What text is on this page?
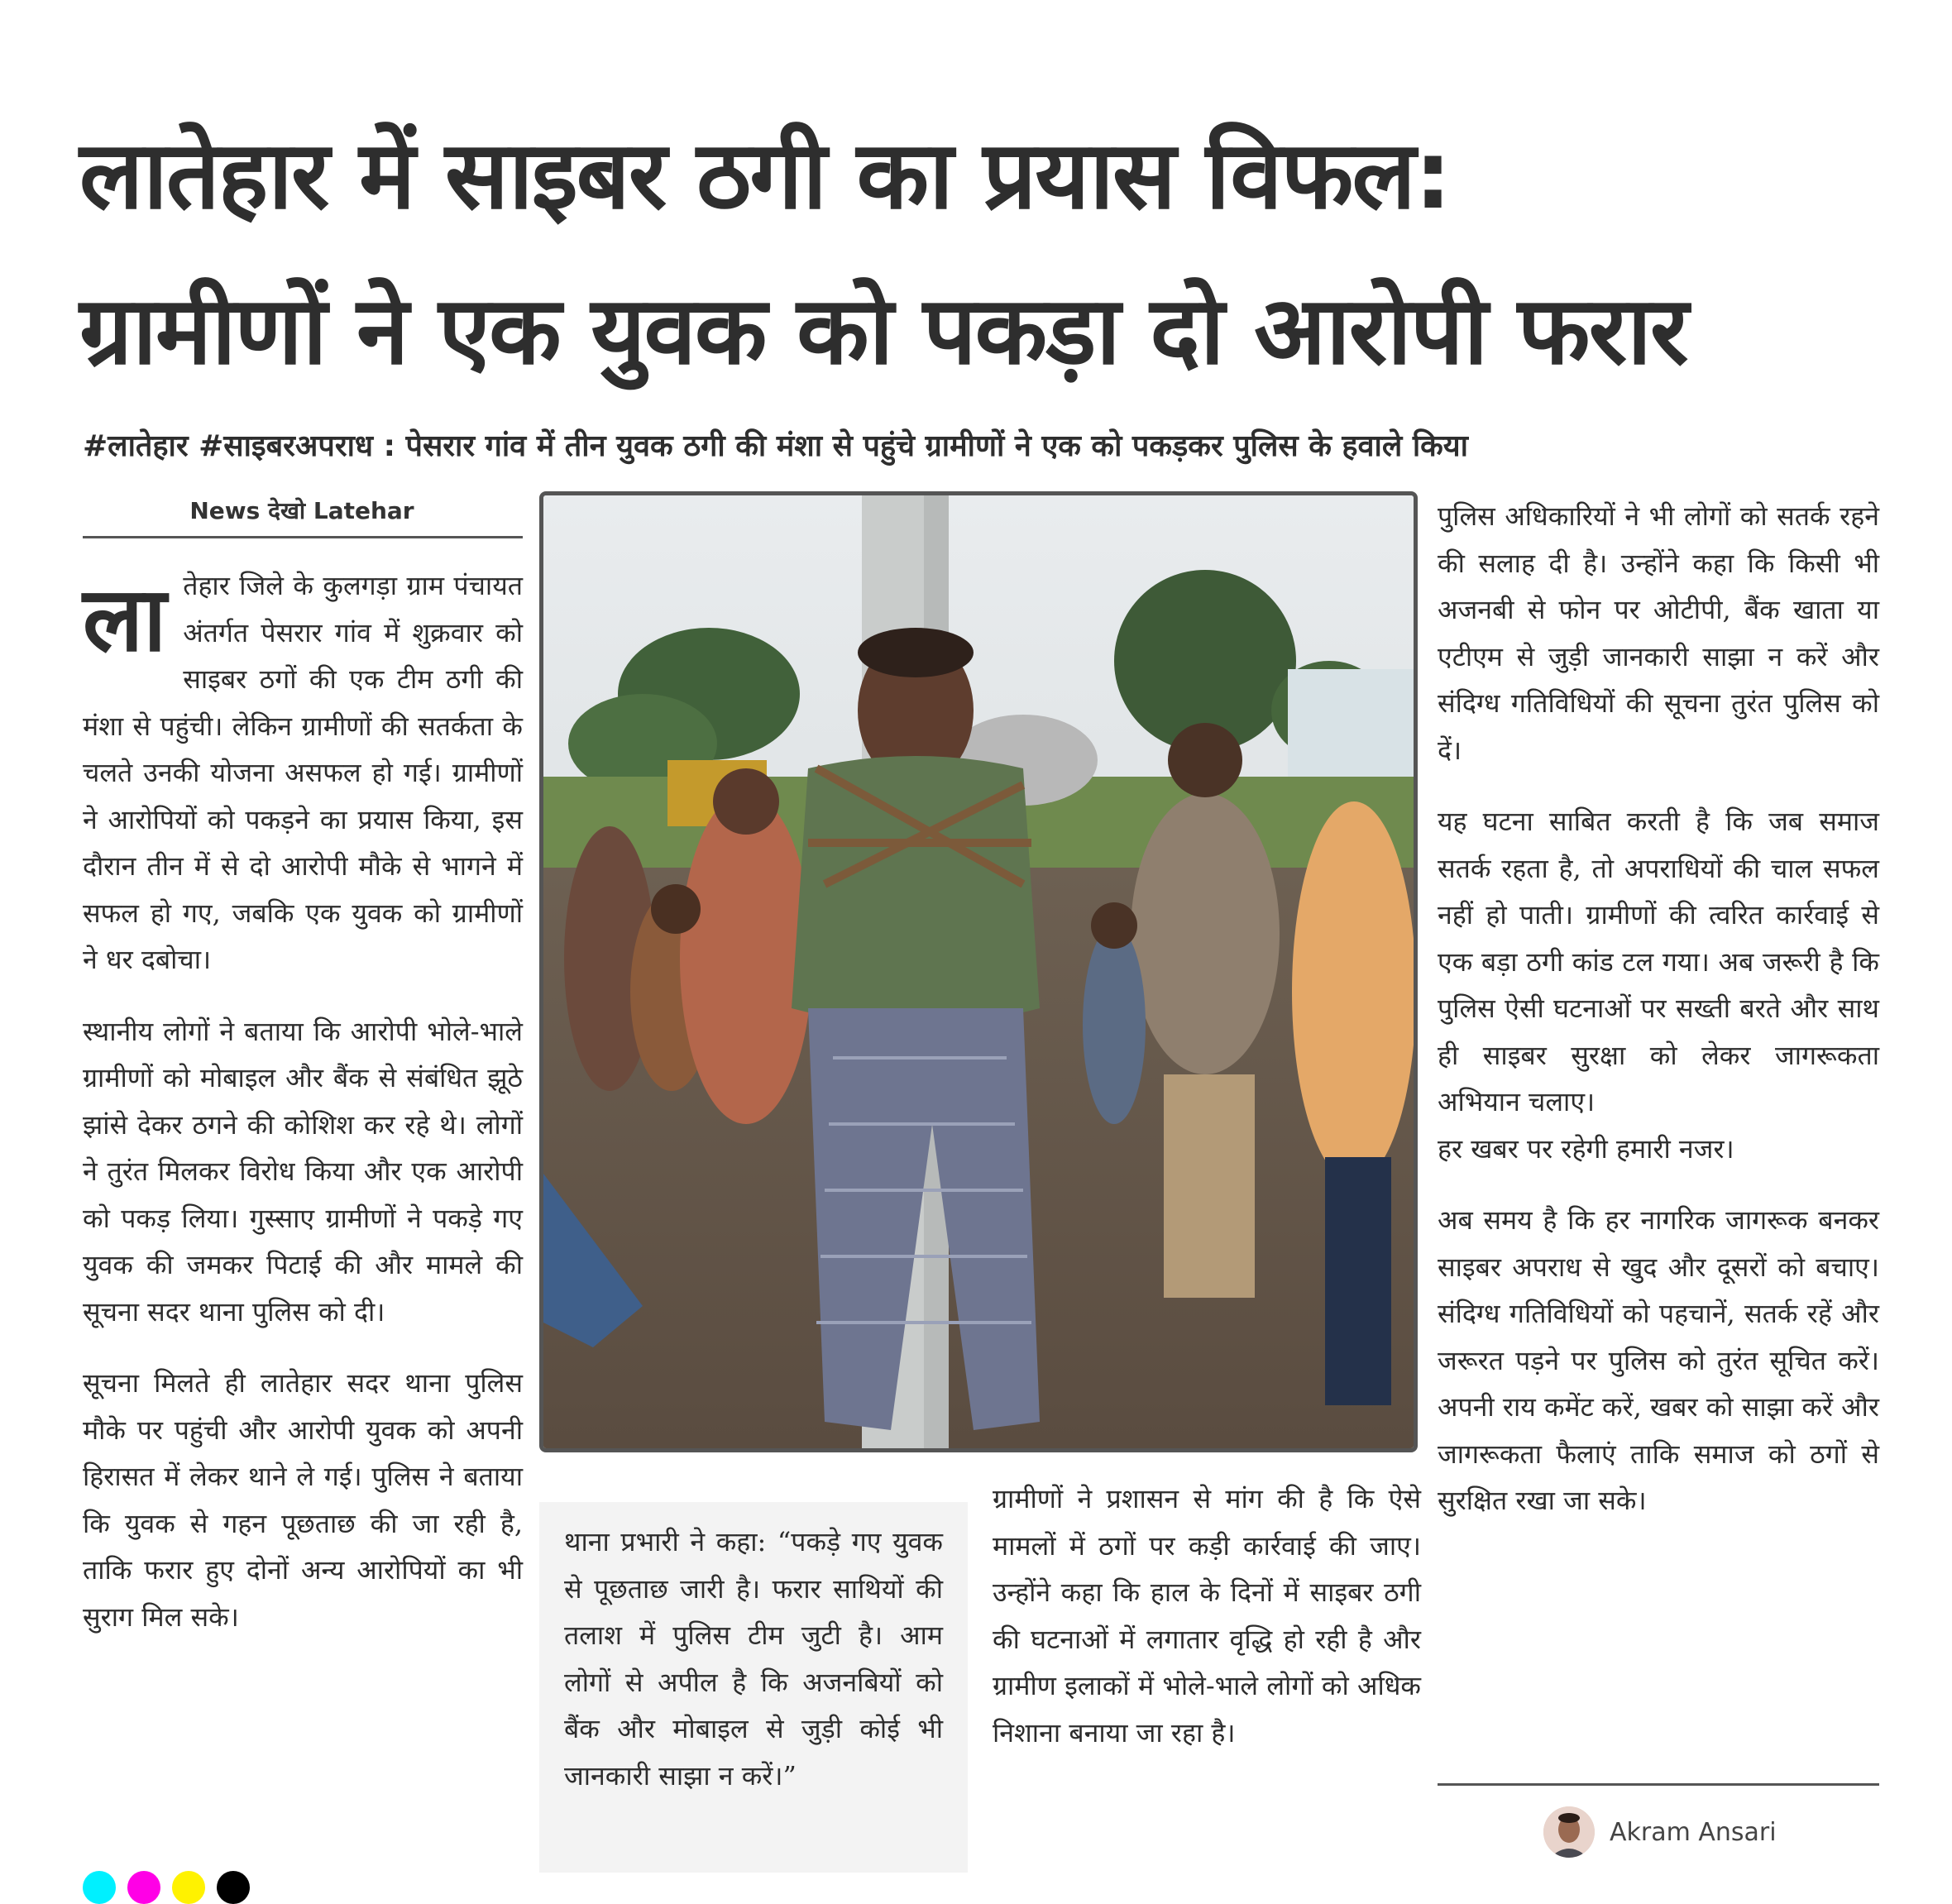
लातेहार में साइबर ठगी का प्रयास विफल:
ग्रामीणों ने एक युवक को पकड़ा दो आरोपी फरार
#लातेहार #साइबरअपराध : पेसरार गांव में तीन युवक ठगी की मंशा से पहुंचे ग्रामीणों ने एक को पकड़कर पुलिस के हवाले किया
News देखो Latehar

ला तेहार जिले के कुलगड़ा ग्राम पंचायत अंतर्गत पेसरार गांव में शुक्रवार को साइबर ठगों की एक टीम ठगी की मंशा से पहुंची। लेकिन ग्रामीणों की सतर्कता के चलते उनकी योजना असफल हो गई। ग्रामीणों ने आरोपियों को पकड़ने का प्रयास किया, इस दौरान तीन में से दो आरोपी मौके से भागने में सफल हो गए, जबकि एक युवक को ग्रामीणों ने धर दबोचा।

स्थानीय लोगों ने बताया कि आरोपी भोले-भाले ग्रामीणों को मोबाइल और बैंक से संबंधित झूठे झांसे देकर ठगने की कोशिश कर रहे थे। लोगों ने तुरंत मिलकर विरोध किया और एक आरोपी को पकड़ लिया। गुस्साए ग्रामीणों ने पकड़े गए युवक की जमकर पिटाई की और मामले की सूचना सदर थाना पुलिस को दी।

सूचना मिलते ही लातेहार सदर थाना पुलिस मौके पर पहुंची और आरोपी युवक को अपनी हिरासत में लेकर थाने ले गई। पुलिस ने बताया कि युवक से गहन पूछताछ की जा रही है, ताकि फरार हुए दोनों अन्य आरोपियों का भी सुराग मिल सके।

थाना प्रभारी ने कहा: “पकड़े गए युवक से पूछताछ जारी है। फरार साथियों की तलाश में पुलिस टीम जुटी है। आम लोगों से अपील है कि अजनबियों को बैंक और मोबाइल से जुड़ी कोई भी जानकारी साझा न करें।”

ग्रामीणों ने प्रशासन से मांग की है कि ऐसे मामलों में ठगों पर कड़ी कार्रवाई की जाए। उन्होंने कहा कि हाल के दिनों में साइबर ठगी की घटनाओं में लगातार वृद्धि हो रही है और ग्रामीण इलाकों में भोले-भाले लोगों को अधिक निशाना बनाया जा रहा है।

पुलिस अधिकारियों ने भी लोगों को सतर्क रहने की सलाह दी है। उन्होंने कहा कि किसी भी अजनबी से फोन पर ओटीपी, बैंक खाता या एटीएम से जुड़ी जानकारी साझा न करें और संदिग्ध गतिविधियों की सूचना तुरंत पुलिस को दें।

यह घटना साबित करती है कि जब समाज सतर्क रहता है, तो अपराधियों की चाल सफल नहीं हो पाती। ग्रामीणों की त्वरित कार्रवाई से एक बड़ा ठगी कांड टल गया। अब जरूरी है कि पुलिस ऐसी घटनाओं पर सख्ती बरते और साथ ही साइबर सुरक्षा को लेकर जागरूकता अभियान चलाए।

हर खबर पर रहेगी हमारी नजर।

अब समय है कि हर नागरिक जागरूक बनकर साइबर अपराध से खुद और दूसरों को बचाए। संदिग्ध गतिविधियों को पहचानें, सतर्क रहें और जरूरत पड़ने पर पुलिस को तुरंत सूचित करें। अपनी राय कमेंट करें, खबर को साझा करें और जागरूकता फैलाएं ताकि समाज को ठगों से सुरक्षित रखा जा सके।

Akram Ansari
